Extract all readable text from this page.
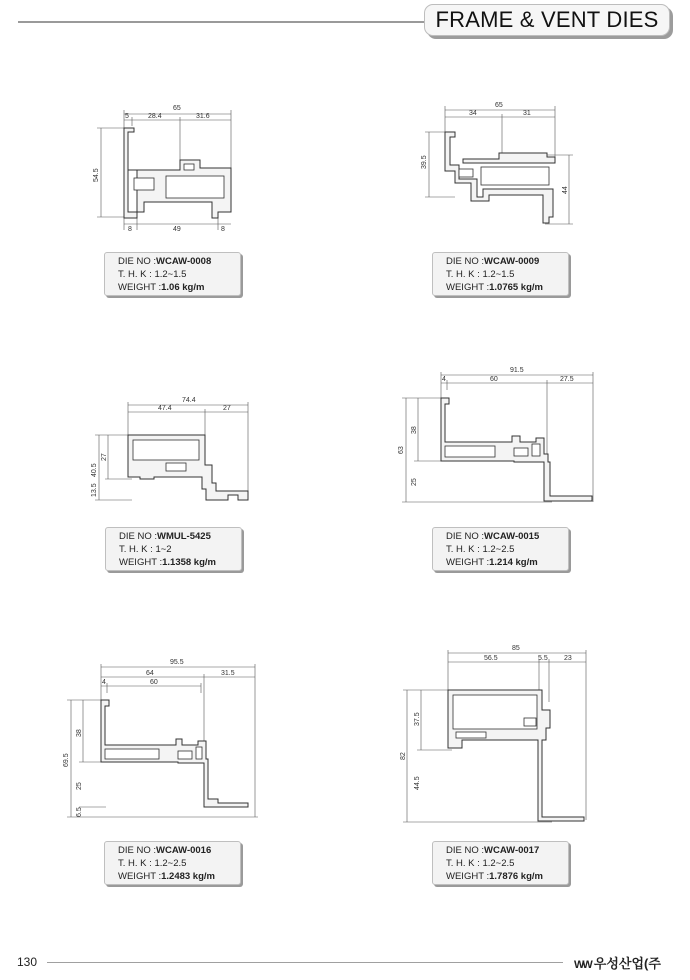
FRAME & VENT DIES
65
5	28.4	31.6
54.5
8	49	8
DIE NO :WCAW-0008
T. H. K : 1.2~1.5
WEIGHT :1.06 kg/m
65
34	31
39.5
44
DIE NO :WCAW-0009
T. H. K : 1.2~1.5
WEIGHT :1.0765 kg/m
74.4
47.4	27
40.5
27
13.5
DIE NO :WMUL-5425
T. H. K : 1~2
WEIGHT :1.1358 kg/m
91.5
4	60	27.5
63
38
25
DIE NO :WCAW-0015
T. H. K : 1.2~2.5
WEIGHT :1.214 kg/m
95.5
64	31.5
4	60
69.5
38
25
6.5
DIE NO :WCAW-0016
T. H. K : 1.2~2.5
WEIGHT :1.2483 kg/m
85
56.5	5.5 23
37.5
82
44.5
DIE NO :WCAW-0017
T. H. K : 1.2~2.5
WEIGHT :1.7876 kg/m
130	WW 우성산업(주
